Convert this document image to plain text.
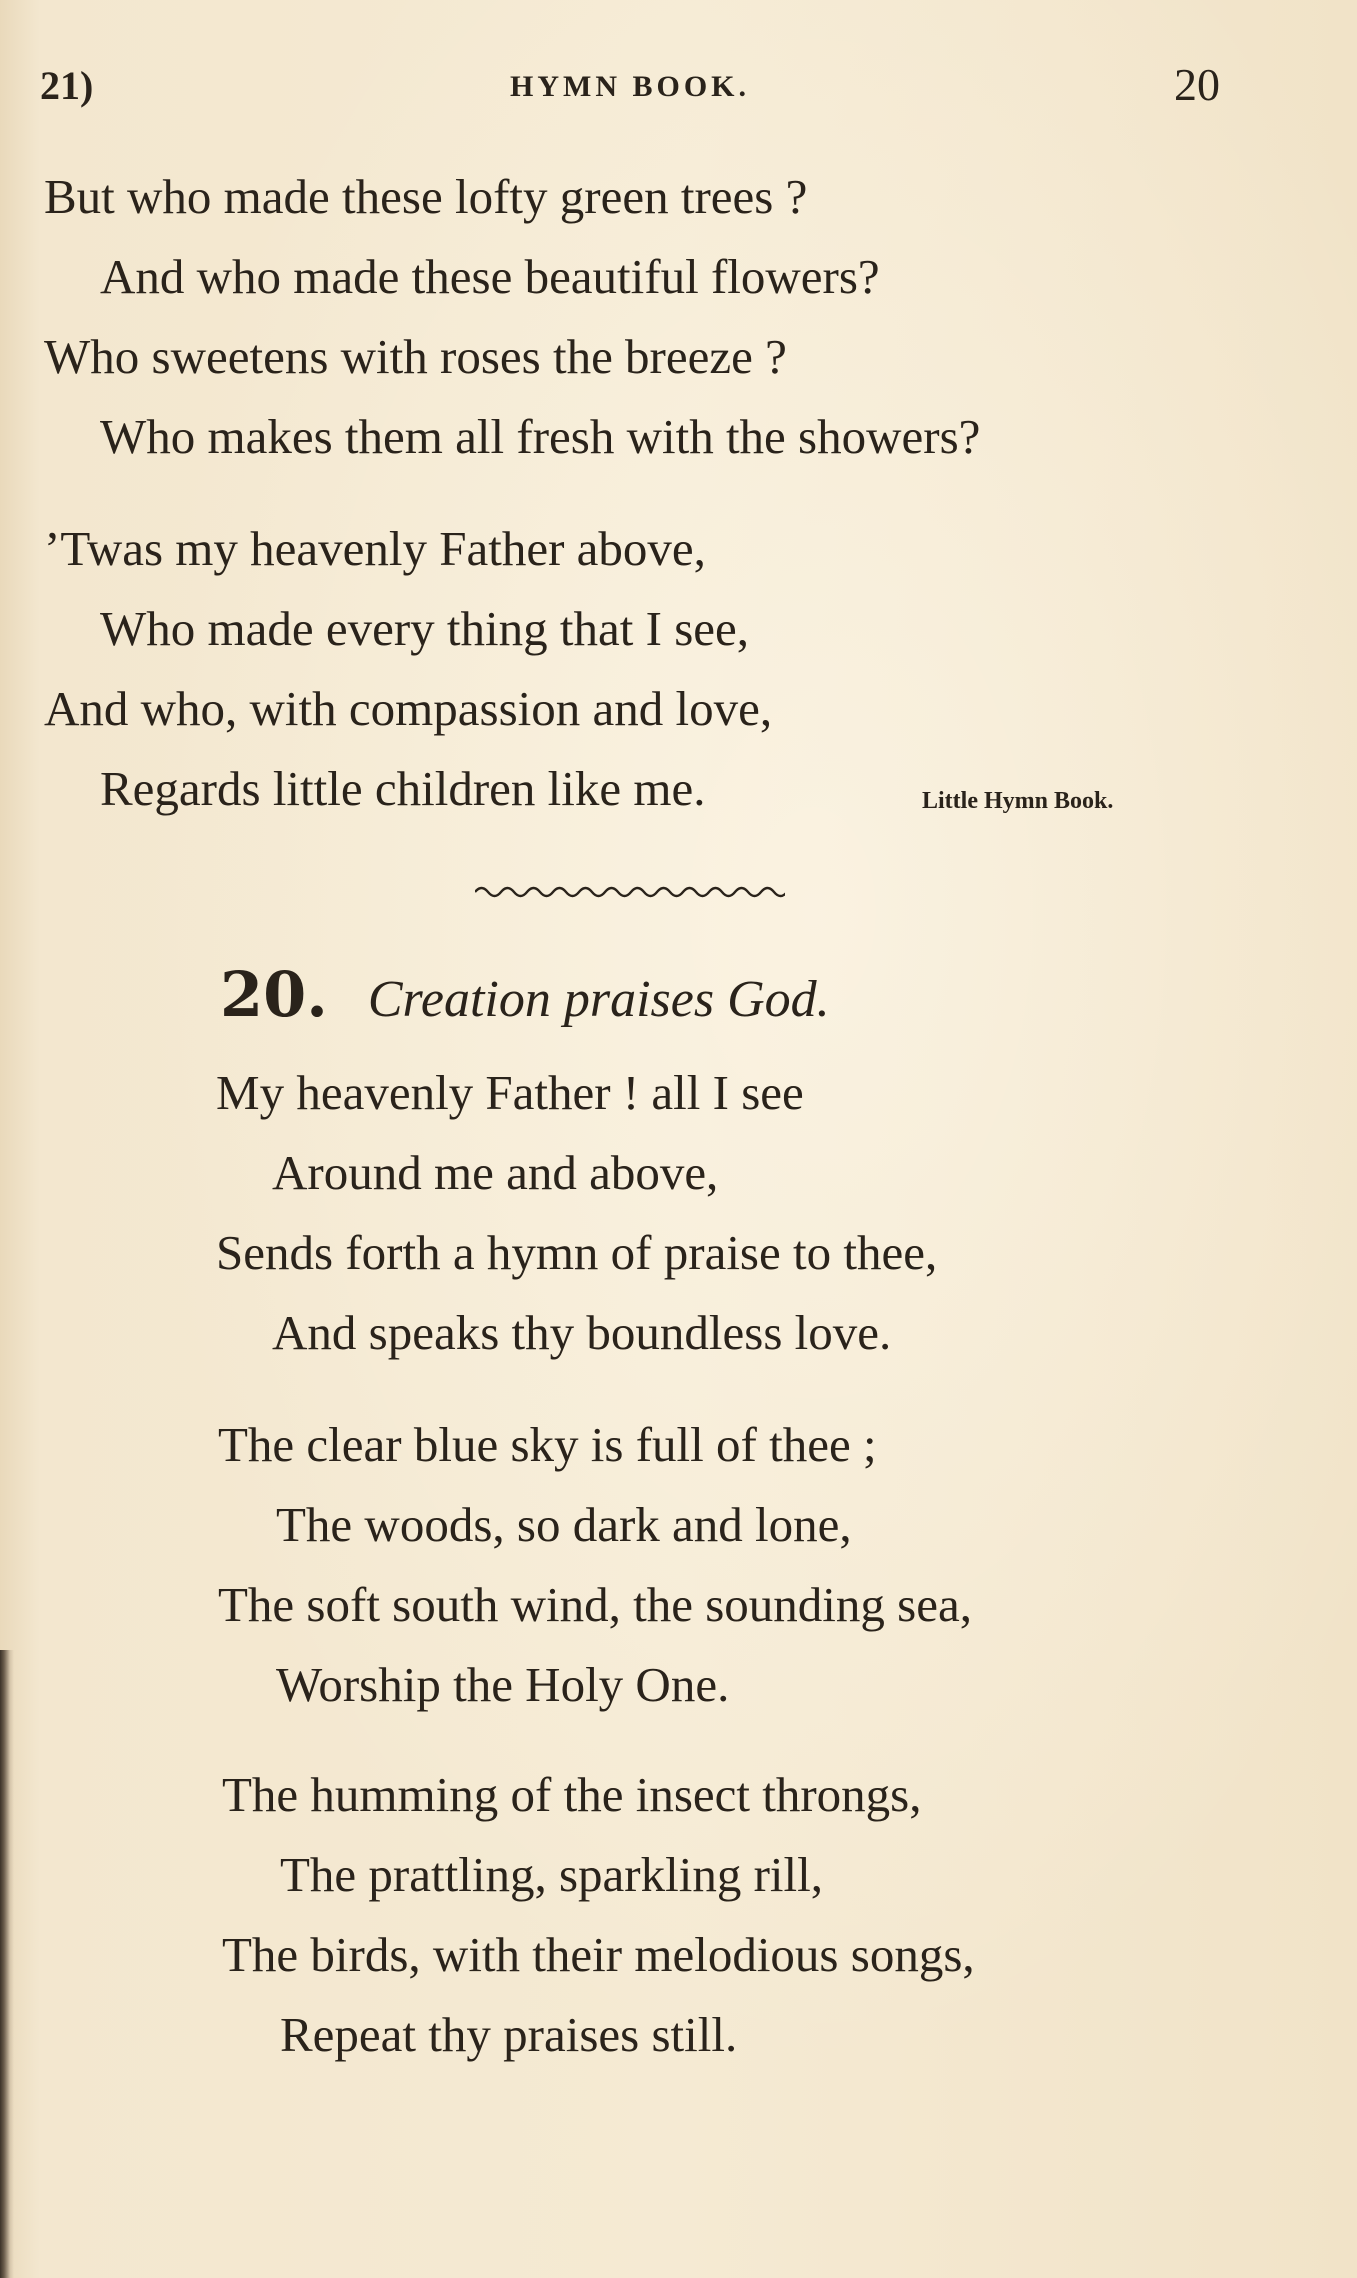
21)	HYMN BOOK.	20
But who made these lofty green trees ?
And who made these beautiful flowers?
Who sweetens with roses the breeze ?
Who makes them all fresh with the showers?
’Twas my heavenly Father above,
Who made every thing that I see,
And who, with compassion and love,
Regards little children like me.	Little Hymn Book.
20. Creation praises God.
My heavenly Father ! all I see
Around me and above,
Sends forth a hymn of praise to thee,
And speaks thy boundless love.
The clear blue sky is full of thee ;
The woods, so dark and lone,
The soft south wind, the sounding sea,
Worship the Holy One.
The humming of the insect throngs,
The prattling, sparkling rill,
The birds, with their melodious songs,
Repeat thy praises still.
